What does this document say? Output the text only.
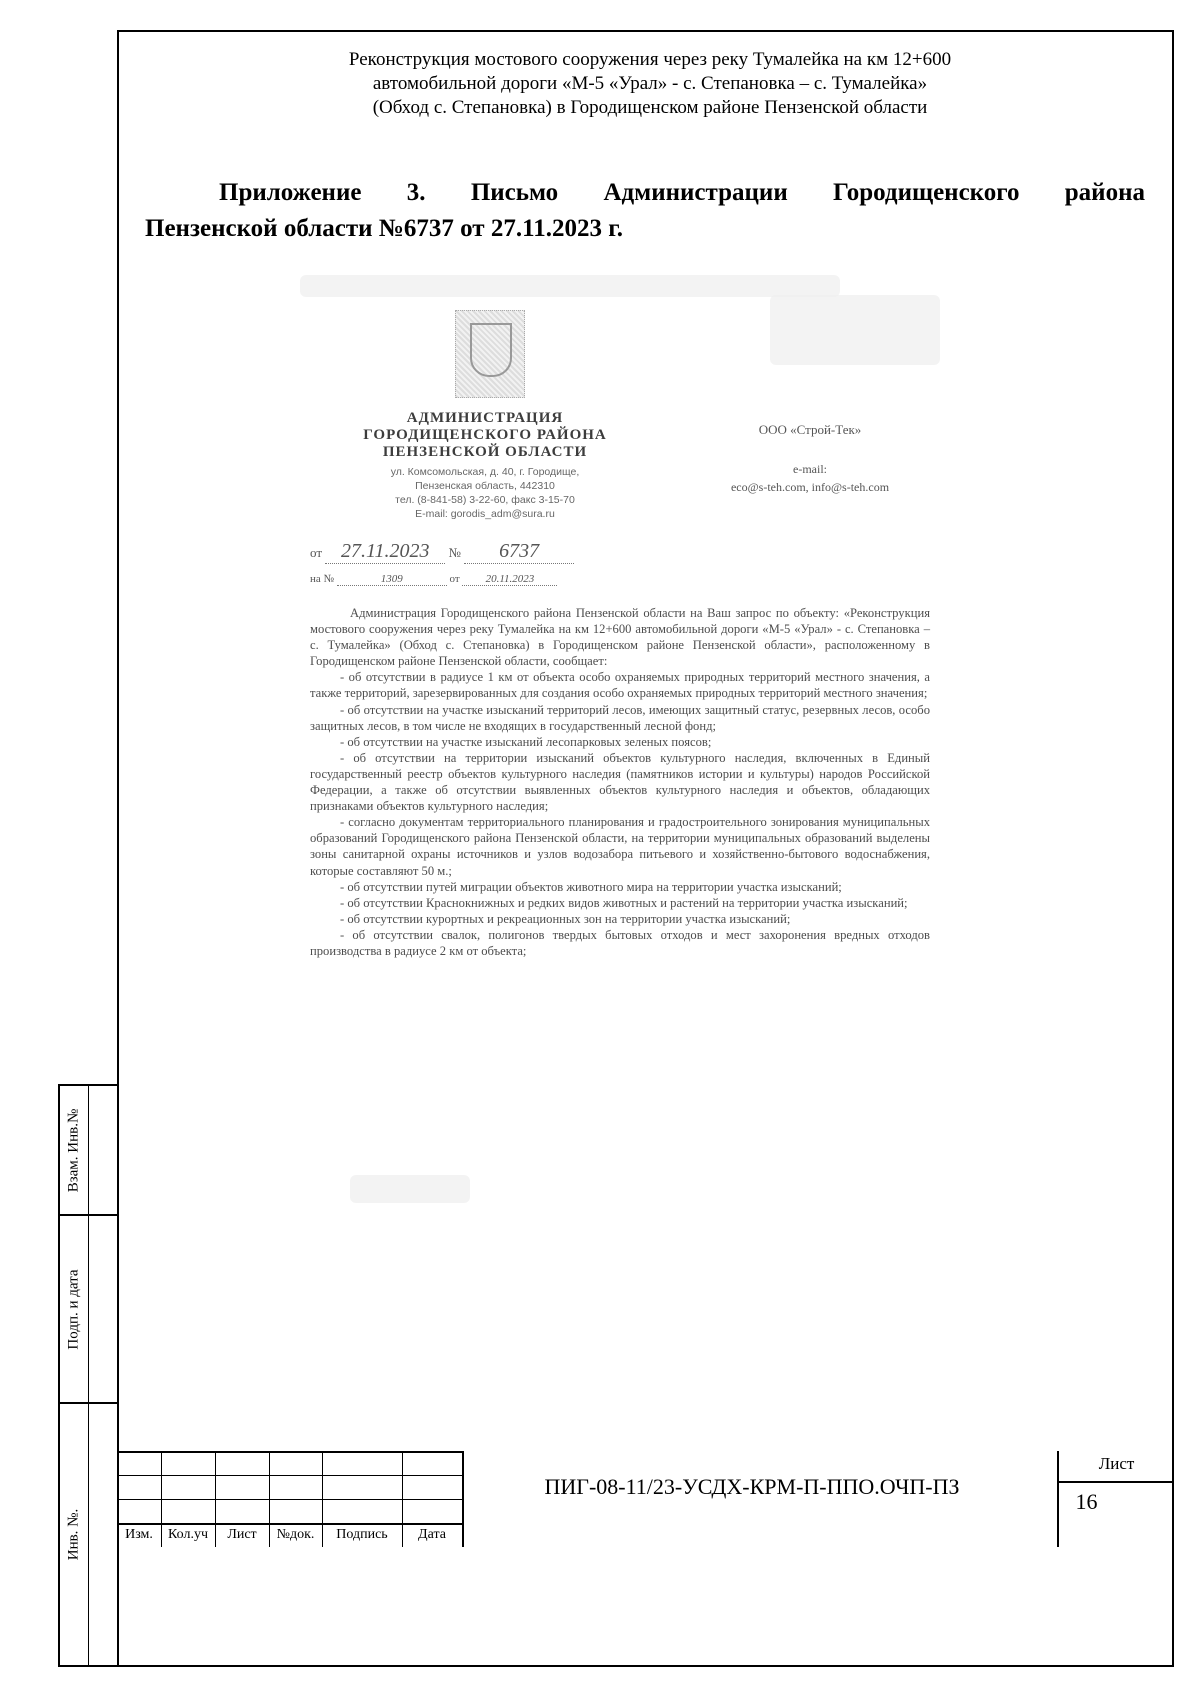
Реконструкция мостового сооружения через реку Тумалейка на км 12+600
автомобильной дороги «М-5 «Урал» - с. Степановка – с. Тумалейка»
(Обход с. Степановка) в Городищенском районе Пензенской области
Приложение 3. Письмо Администрации Городищенского района
Пензенской области №6737 от 27.11.2023 г.
АДМИНИСТРАЦИЯ
ГОРОДИЩЕНСКОГО РАЙОНА
ПЕНЗЕНСКОЙ ОБЛАСТИ
ул. Комсомольская, д. 40, г. Городище,
Пензенская область, 442310
тел. (8-841-58) 3-22-60, факс 3-15-70
E-mail: gorodis_adm@sura.ru
ООО «Строй-Тек»
e-mail:
eco@s-teh.com, info@s-teh.com
от 27.11.2023 № 6737
на №	1309	от 20.11.2023

Администрация Городищенского района Пензенской области на Ваш запрос по объекту: «Реконструкция мостового сооружения через реку Тумалейка на км 12+600 автомобильной дороги «М-5 «Урал» - с. Степановка – с. Тумалейка» (Обход с. Степановка) в Городищенском районе Пензенской области», расположенному в Городищенском районе Пензенской области, сообщает:

- об отсутствии в радиусе 1 км от объекта особо охраняемых природных территорий местного значения, а также территорий, зарезервированных для создания особо охраняемых природных территорий местного значения;

- об отсутствии на участке изысканий территорий лесов, имеющих защитный статус, резервных лесов, особо защитных лесов, в том числе не входящих в государственный лесной фонд;

- об отсутствии на участке изысканий лесопарковых зеленых поясов;

- об отсутствии на территории изысканий объектов культурного наследия, включенных в Единый государственный реестр объектов культурного наследия (памятников истории и культуры) народов Российской Федерации, а также об отсутствии выявленных объектов культурного наследия и объектов, обладающих признаками объектов культурного наследия;

- согласно документам территориального планирования и градостроительного зонирования муниципальных образований Городищенского района Пензенской области, на территории муниципальных образований выделены зоны санитарной охраны источников и узлов водозабора питьевого и хозяйственно-бытового водоснабжения, которые составляют 50 м.;

- об отсутствии путей миграции объектов животного мира на территории участка изысканий;

- об отсутствии Краснокнижных и редких видов животных и растений на территории участка изысканий;

- об отсутствии курортных и рекреационных зон на территории участка изысканий;

- об отсутствии свалок, полигонов твердых бытовых отходов и мест захоронения вредных отходов производства в радиусе 2 км от объекта;

Взам. Инв.№
Подп. и дата
Инв. №.	Изм.	Кол.уч	Лист	№док.	Подпись	Дата
ПИГ-08-11/23-УСДХ-КРМ-П-ППО.ОЧП-ПЗ
Лист
16
